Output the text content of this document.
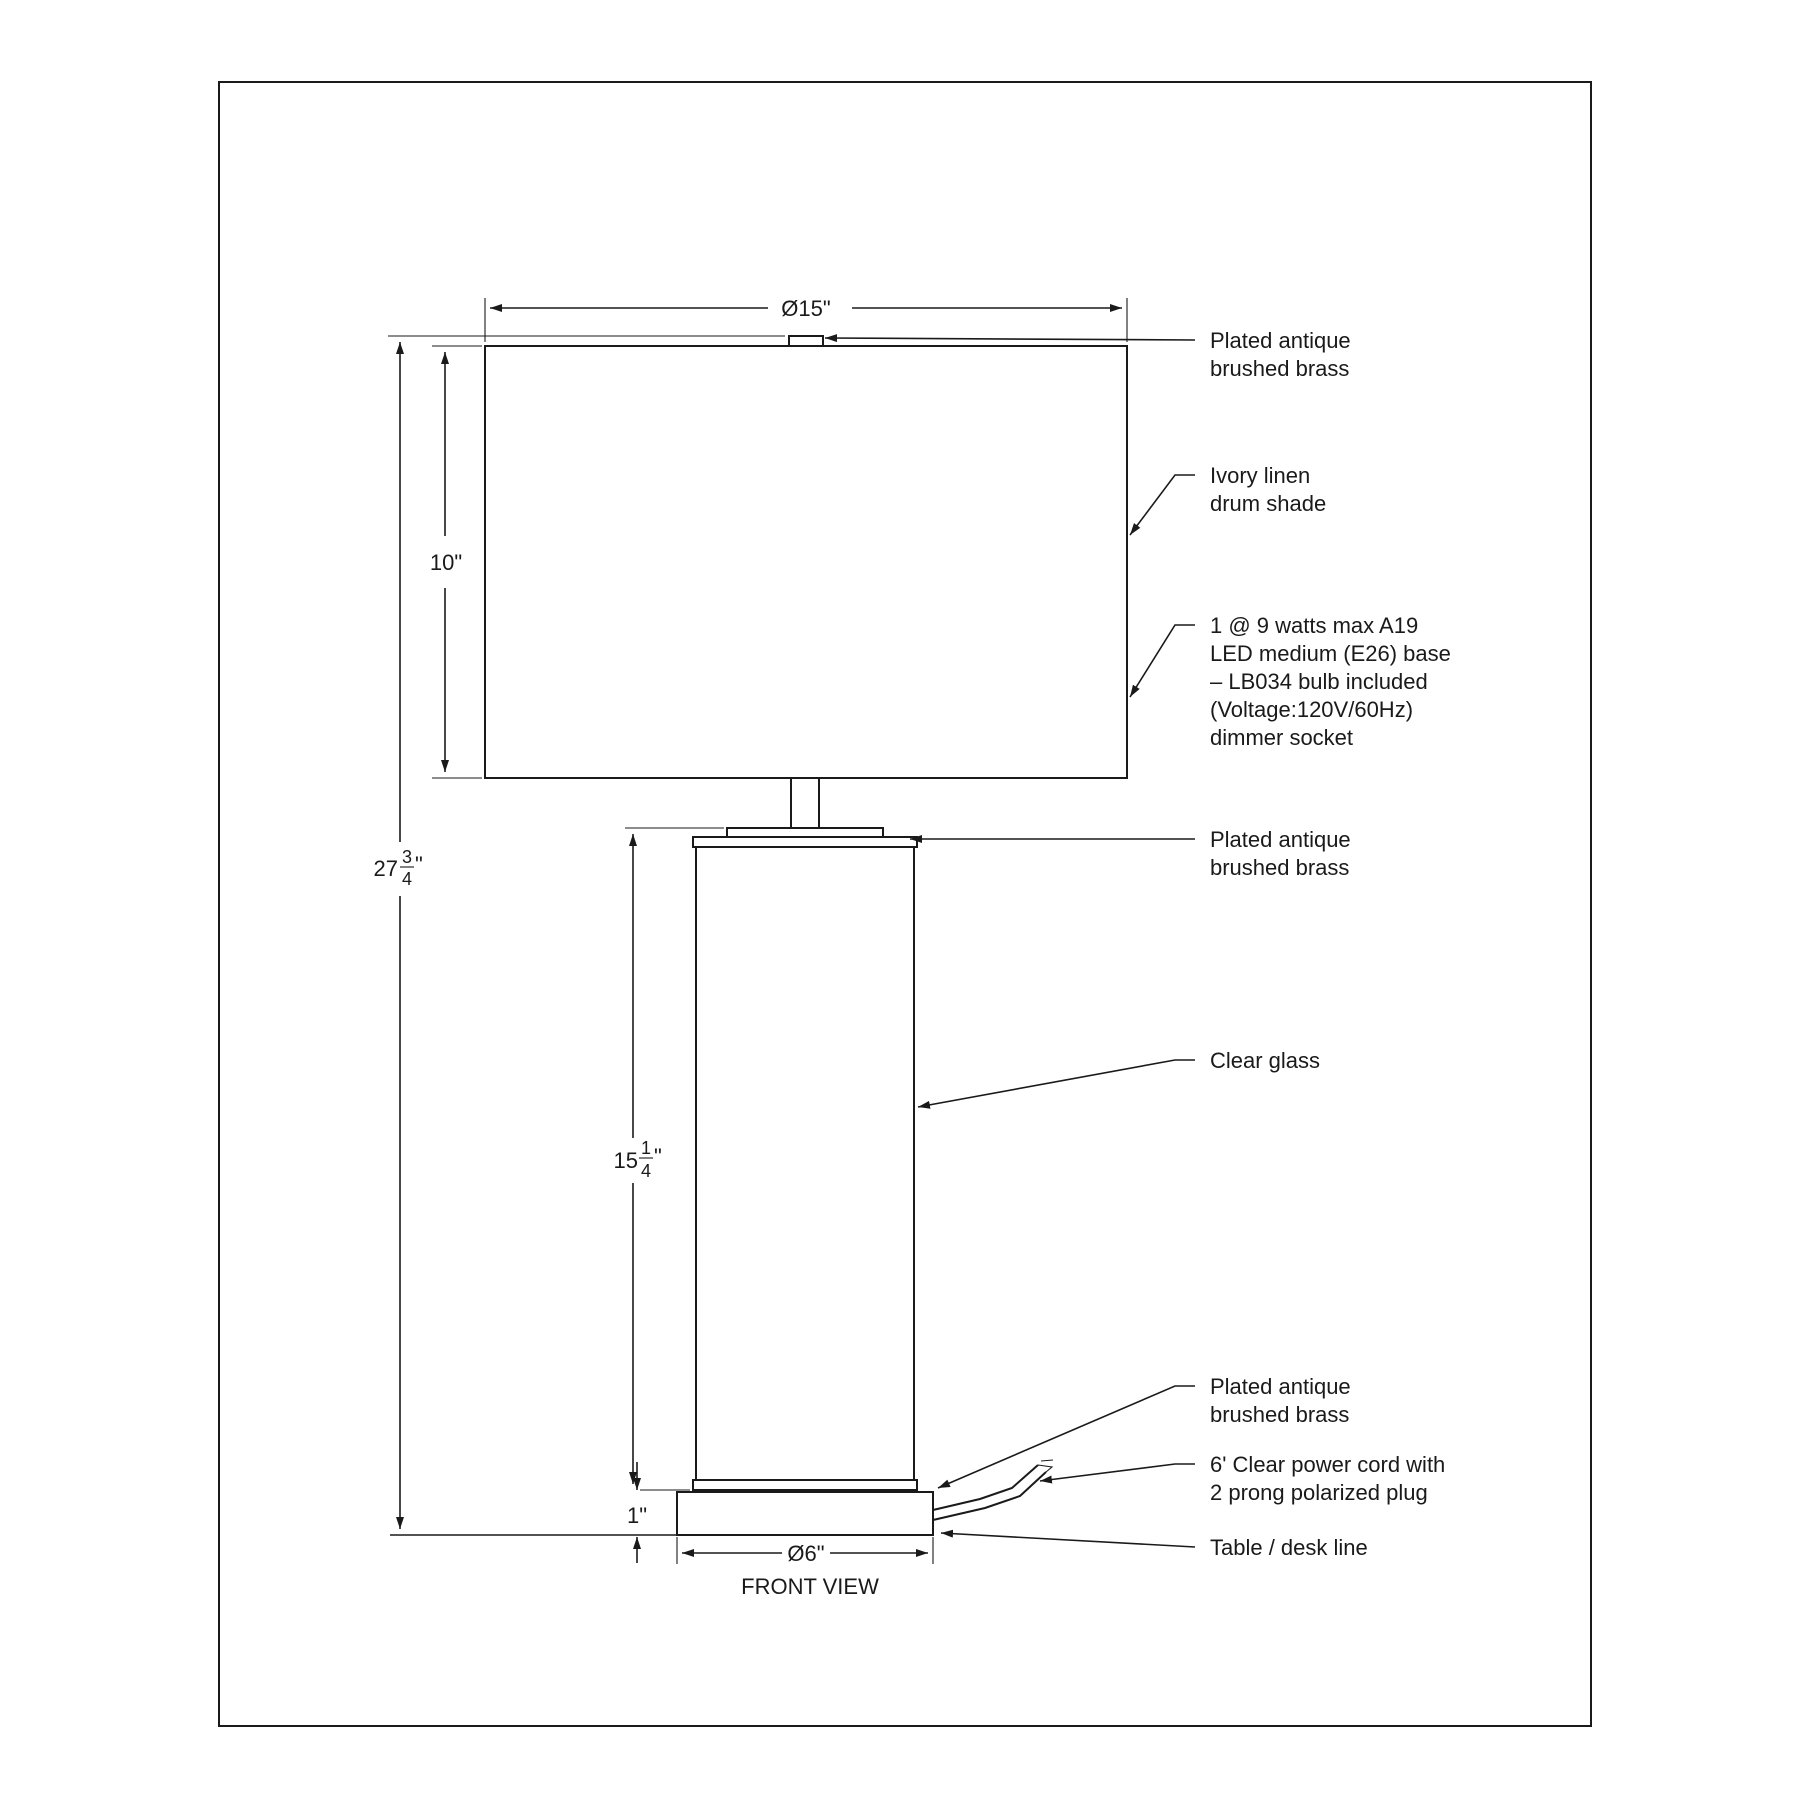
Ø15"
10"
27 3
4
"
15 1
4
"
1"
Ø6"
FRONT VIEW
Plated antique
brushed brass
Ivory linen
drum shade
1 @ 9 watts max A19
LED medium (E26) base
– LB034 bulb included
(Voltage:120V/60Hz)
dimmer socket
Plated antique
brushed brass
Clear glass
Plated antique
brushed brass
6' Clear power cord with
2 prong polarized plug
Table / desk line
